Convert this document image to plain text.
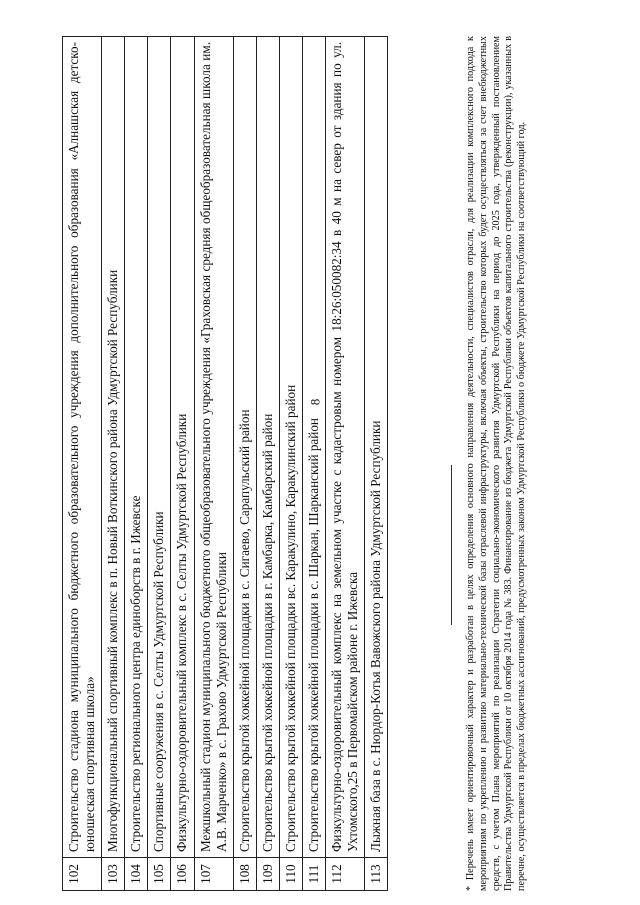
8
102	Строительство стадиона муниципального бюджетного образовательного учреждения дополнительного образования «Алнашская детско-юношеская спортивная школа»
103	Многофункциональный спортивный комплекс в п. Новый Воткинского района Удмуртской Республики
104	Строительство регионального центра единоборств в г. Ижевске
105	Спортивные сооружения в с. Селты Удмуртской Республики
106	Физкультурно-оздоровительный комплекс в с. Селты Удмуртской Республики
107	Межшкольный стадион муниципального бюджетного общеобразовательного учреждения «Граховская средняя общеобразовательная школа им. А.В. Марченко» в с. Грахово Удмуртской Республики
108	Строительство крытой хоккейной площадки в с. Сигаево, Сарапульский район
109	Строительство крытой хоккейной площадки в г. Камбарка, Камбарский район
110	Строительство крытой хоккейной площадки вс. Каракулино, Каракулинский район
111	Строительство крытой хоккейной площадки в с. Шаркан, Шарканский район
112	Физкультурно-оздоровительный комплекс на земельном участке с кадастровым номером 18:26:050082:34 в 40 м на север от здания по ул. Ухтомского,25 в Первомайском районе г. Ижевска
113	Лыжная база в с. Нюрдор-Котья Вавожского района Удмуртской Республики	* Перечень имеет ориентировочный характер и разработан в целях определения основного направления деятельности, специалистов отрасли, для реализации комплексного подхода к мероприятиям по укреплению и развитию материально-технической базы отраслевой инфраструктуры, включая объекты, строительство которых будет осуществляться за счет внебюджетных средств, с учетом Плана мероприятий по реализации Стратегии социально-экономического развития Удмуртской Республики на период до 2025 года, утвержденный постановлением Правительства Удмуртской Республики от 10 октября 2014 года № 383. Финансирование из бюджета Удмуртской Республики объектов капитального строительства (реконструкции), указанных в перечне, осуществляется в пределах бюджетных ассигнований, предусмотренных законом Удмуртской Республики о бюджете Удмуртской Республики на соответствующий год.
